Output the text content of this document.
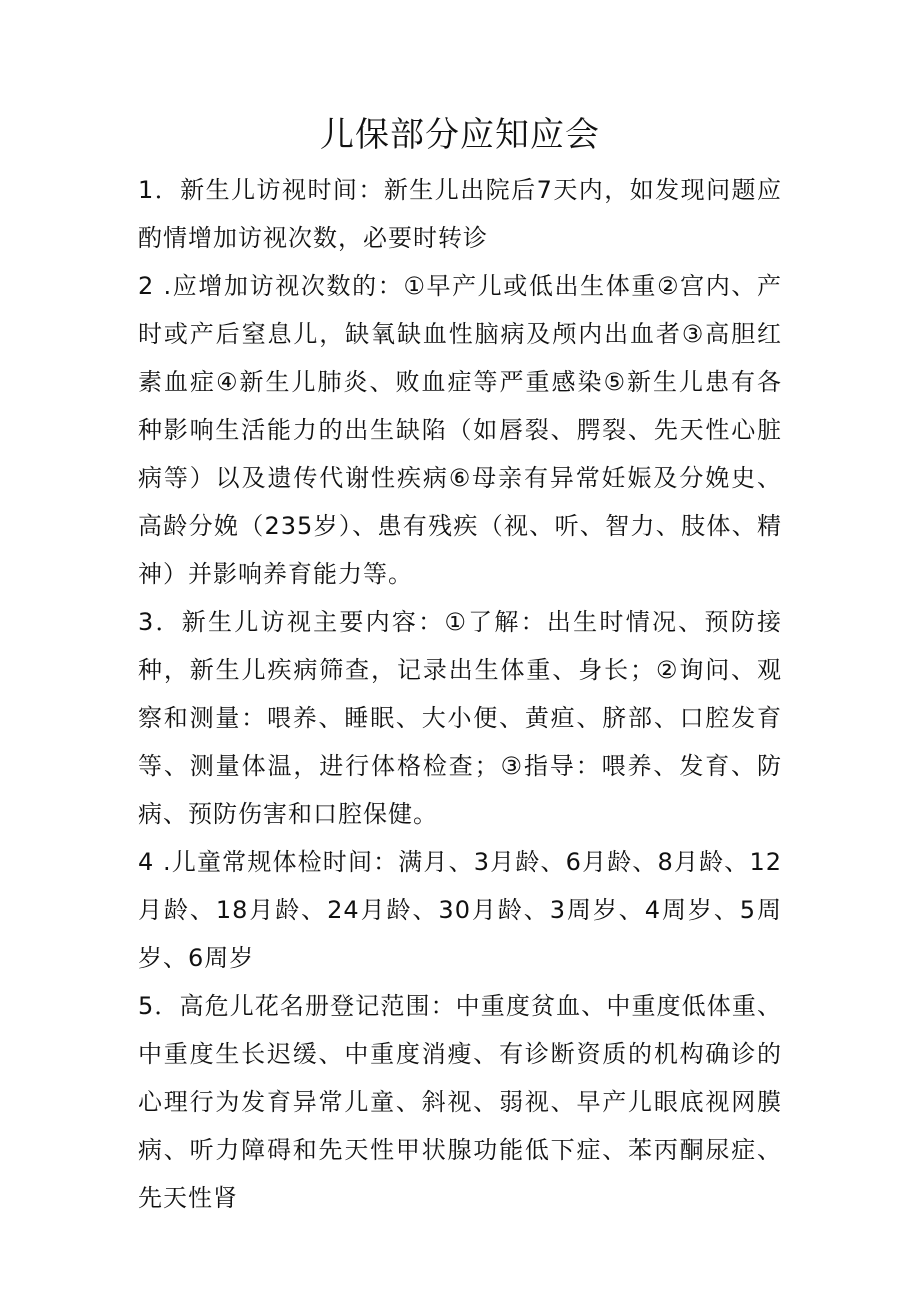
儿保部分应知应会

1．新生儿访视时间：新生儿出院后7天内，如发现问题应酌情增加访视次数，必要时转诊

2 .应增加访视次数的：①早产儿或低出生体重②宫内、产时或产后窒息儿，缺氧缺血性脑病及颅内出血者③高胆红素血症④新生儿肺炎、败血症等严重感染⑤新生儿患有各种影响生活能力的出生缺陷（如唇裂、腭裂、先天性心脏病等）以及遗传代谢性疾病⑥母亲有异常妊娠及分娩史、高龄分娩（235岁）、患有残疾（视、听、智力、肢体、精神）并影响养育能力等。

3．新生儿访视主要内容：①了解：出生时情况、预防接种，新生儿疾病筛查，记录出生体重、身长；②询问、观察和测量：喂养、睡眠、大小便、黄疸、脐部、口腔发育等、测量体温，进行体格检查；③指导：喂养、发育、防病、预防伤害和口腔保健。

4 .儿童常规体检时间：满月、3月龄、6月龄、8月龄、12月龄、18月龄、24月龄、30月龄、3周岁、4周岁、5周岁、6周岁

5．高危儿花名册登记范围：中重度贫血、中重度低体重、中重度生长迟缓、中重度消瘦、有诊断资质的机构确诊的心理行为发育异常儿童、斜视、弱视、早产儿眼底视网膜病、听力障碍和先天性甲状腺功能低下症、苯丙酮尿症、先天性肾
